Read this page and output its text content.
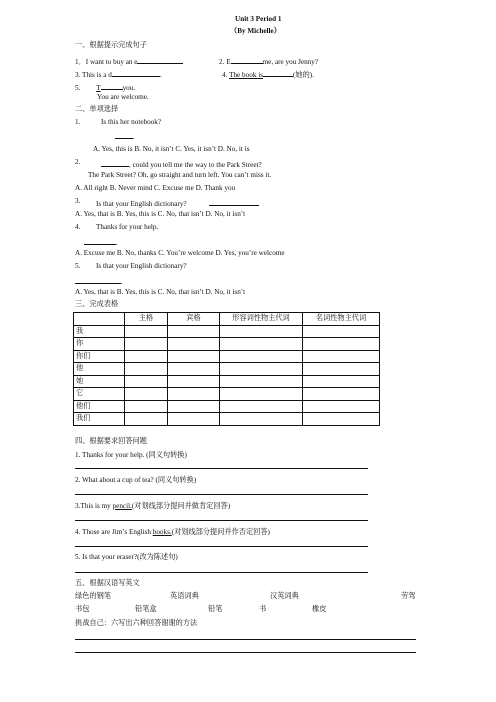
Unit 3 Period 1
（By Michelle）
一、根据提示完成句子
1．I want to buy an e	2. E	me, are you Jenny?
3. This is a d	.	4. The book is	(她的).
5. T	you.
You are welcome.
二、单项选择
1.	Is this her notebook?
.
A. Yes, this is B. No, it isn’t C. Yes, it isn’t D. No, it is
2.	, could you tell me the way to the Park Street?
The Park Street? Oh, go straight and turn left. You can’t miss it.
A. All right B. Never mind C. Excuse me D. Thank you
3. Is that your English dictionary?
A. Yes, that is B. Yes, this is C. No, that isn’t D. No, it isn’t
4. Thanks for your help.
.
A. Excuse me B. No, thanks C. You’re welcome D. Yes, you’re welcome
5. Is that your English dictionary?
.
A. Yes, that is B. Yes, this is C. No, that isn’t D. No, it isn’t
三、完成表格
	主格	宾格	形容词性物主代词	名词性物主代词
我				
你				
你们				
他				
她				
它				
他们				
我们				
四、根据要求回答问题
1. Thanks for your help. (同义句转换)
2. What about a cup of tea? (同义句转换)
3.This is my pencil.(对划线部分提问并做肯定回答)
4. Those are Jim’s English books.(对划线部分提问并作否定回答)
5. Is that your eraser?(改为陈述句)
五、根据汉语写英文
绿色的钢笔	英语词典	汉英词典	劳驾
书包	铅笔盒	铅笔	书	橡皮
挑战自己：六写出六种回答谢谢的方法
